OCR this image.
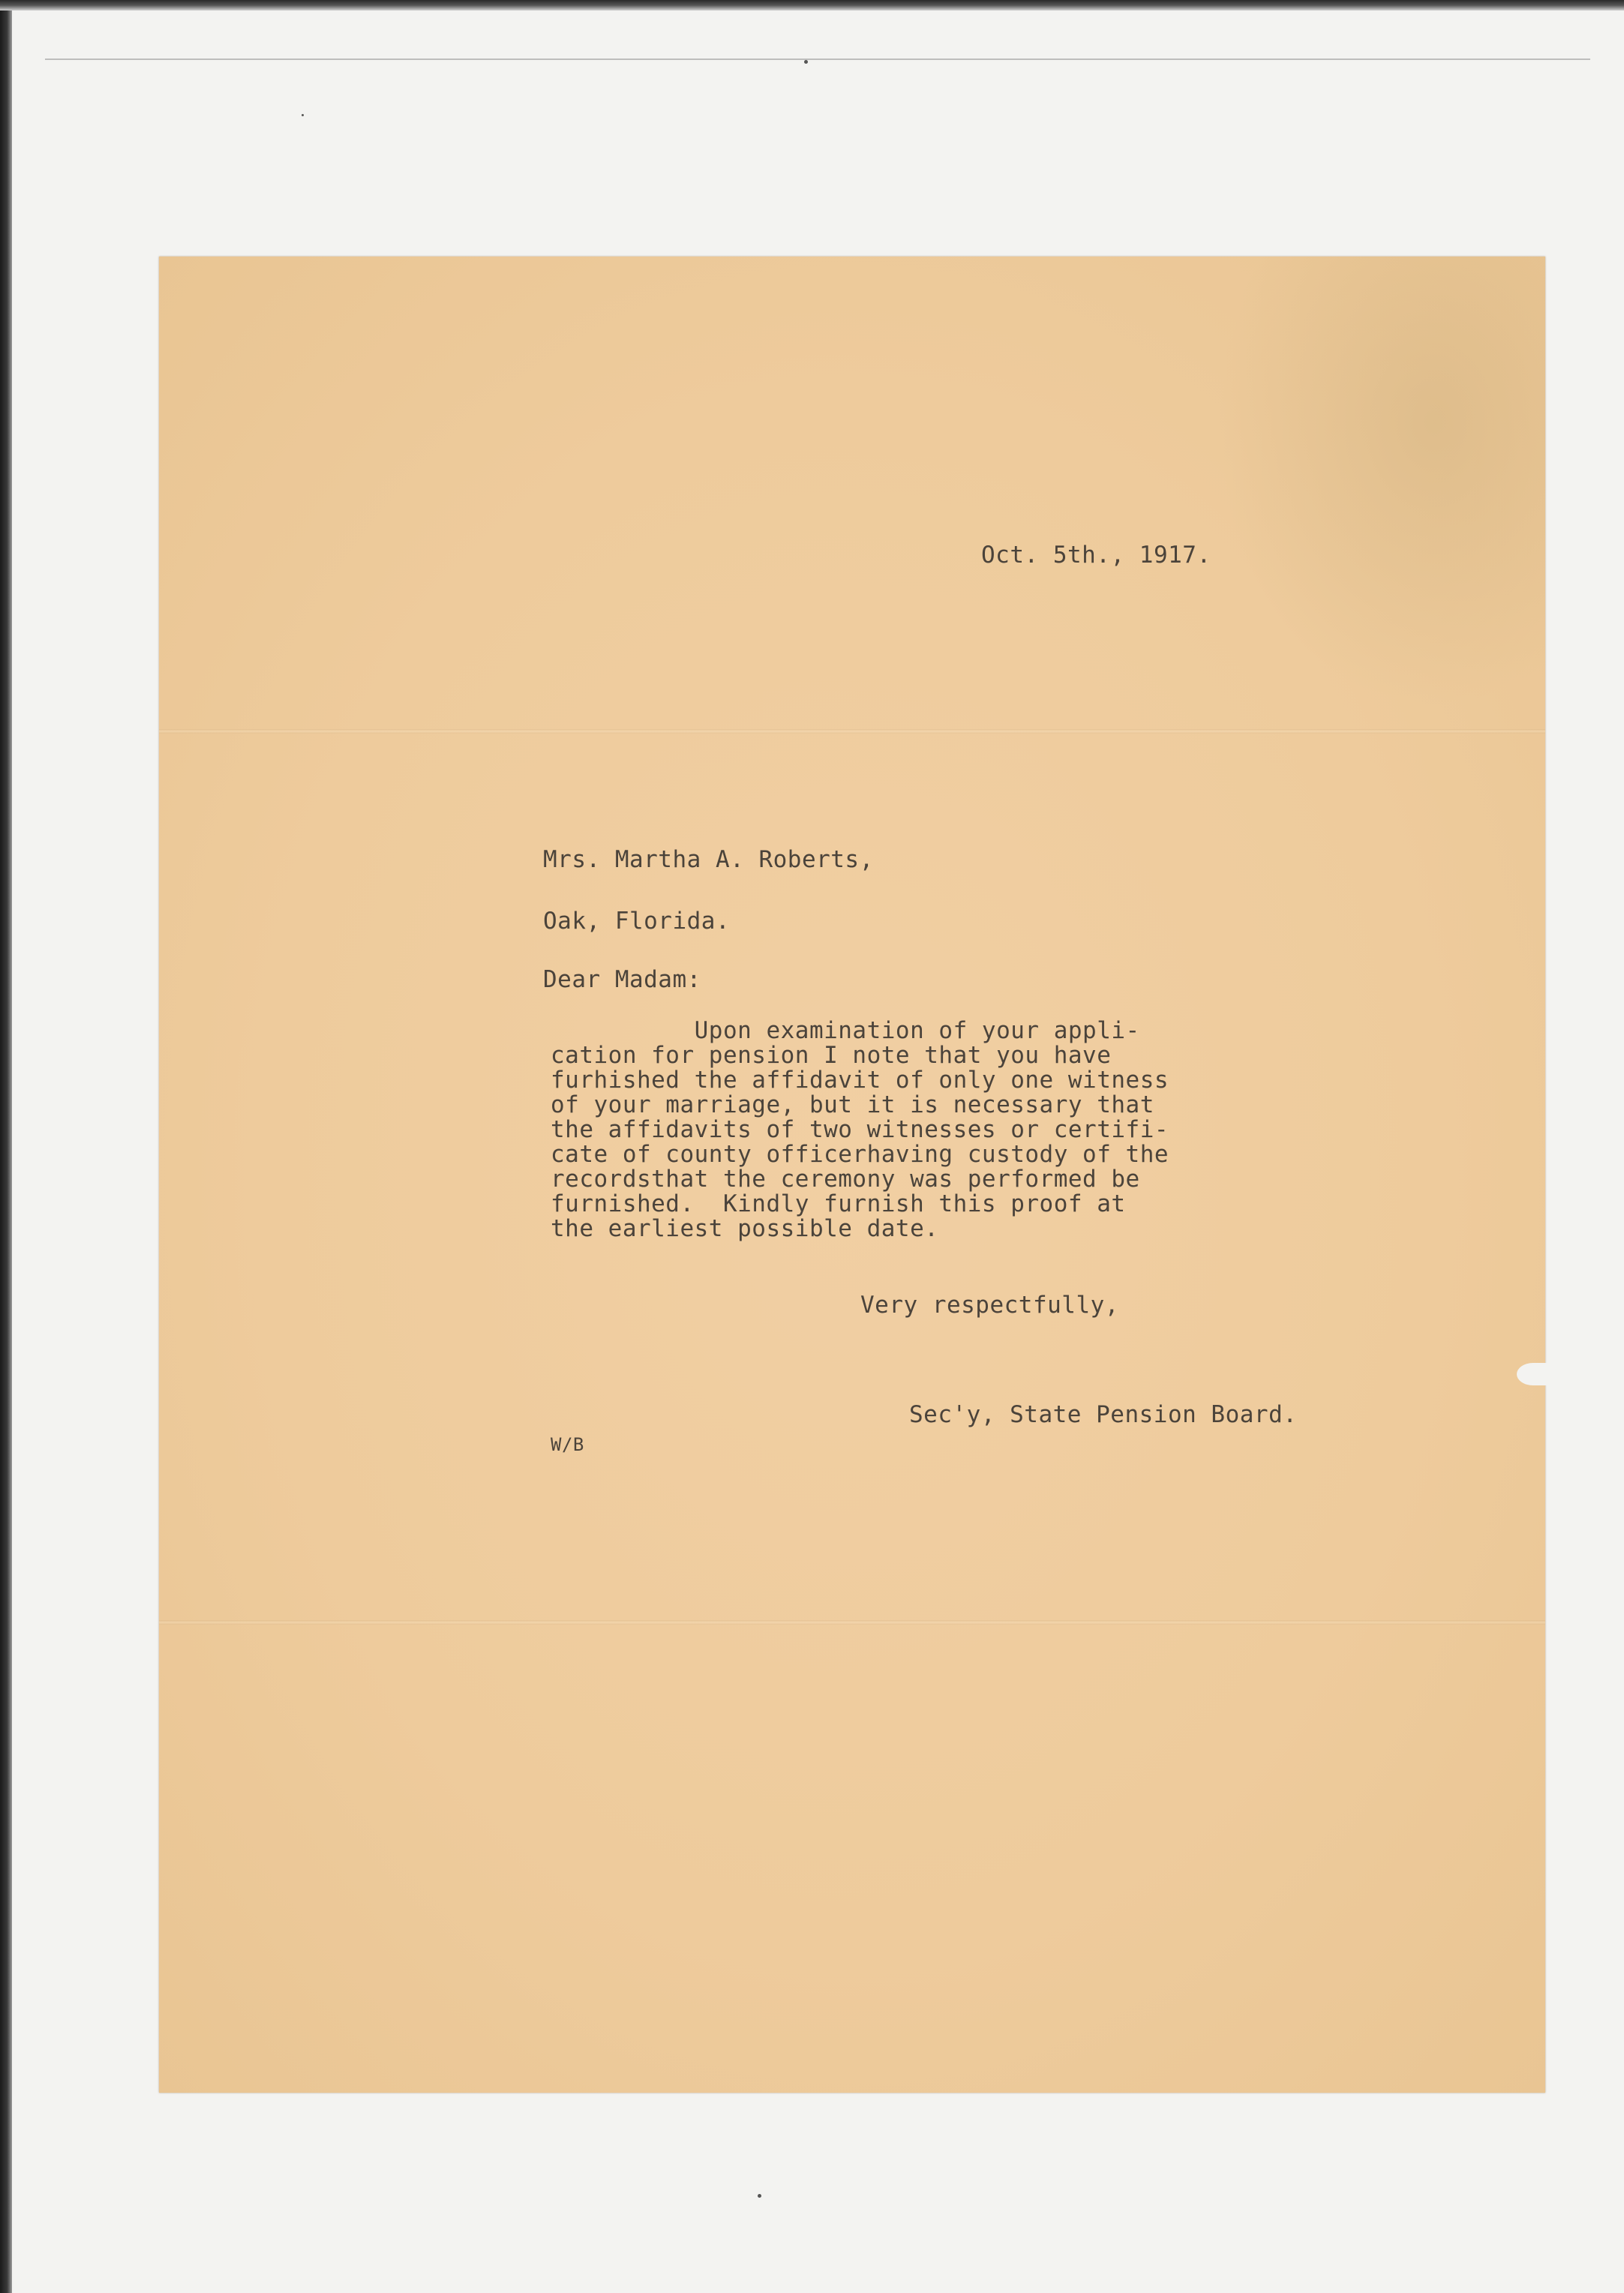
Oct. 5th., 1917.
Mrs. Martha A. Roberts,
Oak, Florida.
Dear Madam:
Upon examination of your appli-
cation for pension I note that you have
furhished the affidavit of only one witness
of your marriage, but it is necessary that
the affidavits of two witnesses or certifi-
cate of county officerhaving custody of the
recordsthat the ceremony was performed be
furnished.  Kindly furnish this proof at
the earliest possible date.
Very respectfully,
Sec'y, State Pension Board.
W/B
